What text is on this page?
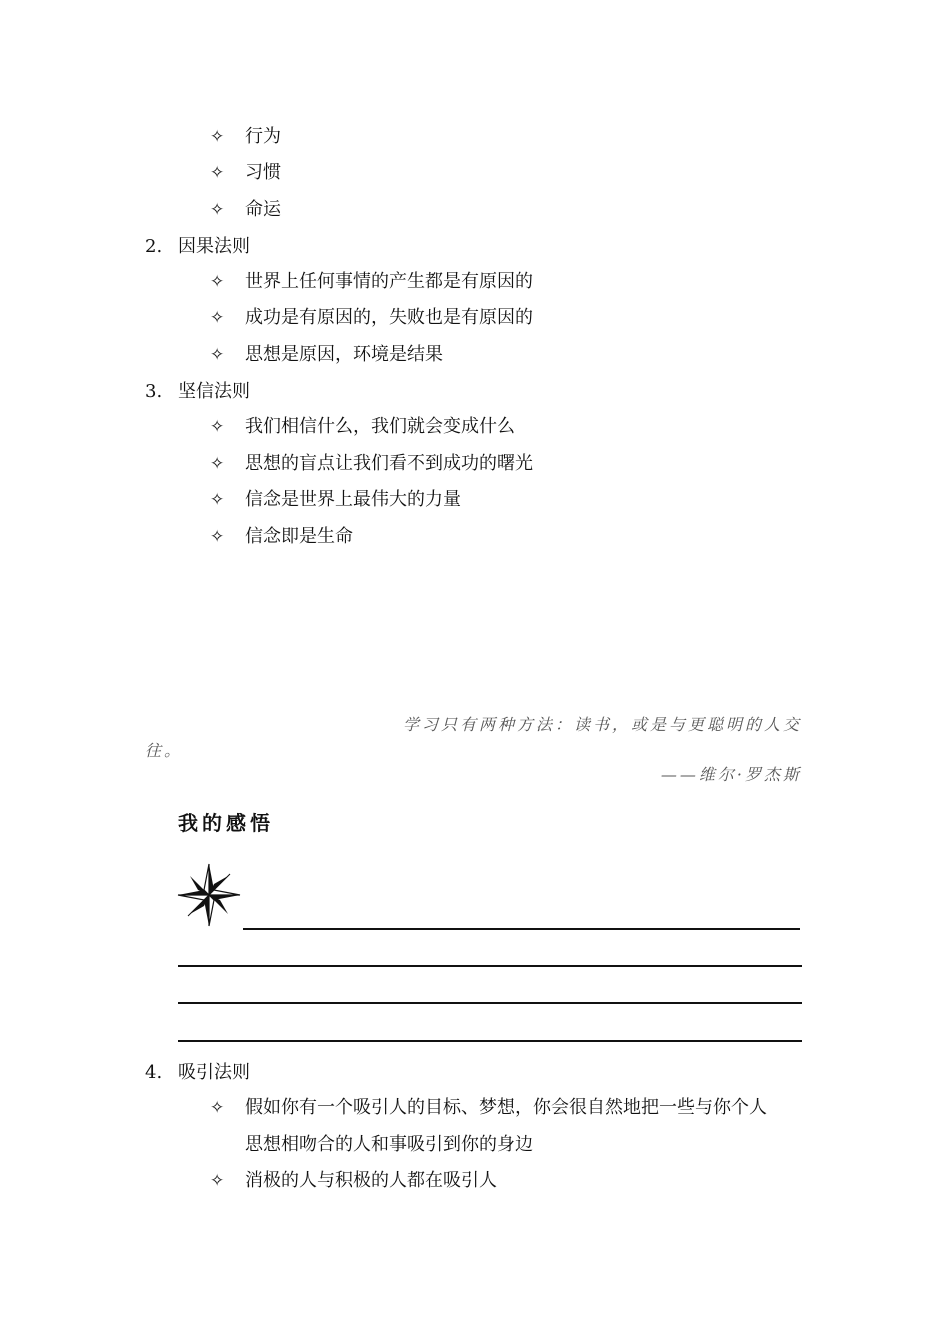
✧ 行为
✧ 习惯
✧ 命运
2. 因果法则
✧ 世界上任何事情的产生都是有原因的
✧ 成功是有原因的，失败也是有原因的
✧ 思想是原因，环境是结果
3. 坚信法则
✧ 我们相信什么，我们就会变成什么
✧ 思想的盲点让我们看不到成功的曙光
✧ 信念是世界上最伟大的力量
✧ 信念即是生命
学习只有两种方法：读书，或是与更聪明的人交
往。
——维尔·罗杰斯
我的感悟
4. 吸引法则
✧ 假如你有一个吸引人的目标、梦想，你会很自然地把一些与你个人
思想相吻合的人和事吸引到你的身边
✧ 消极的人与积极的人都在吸引人
